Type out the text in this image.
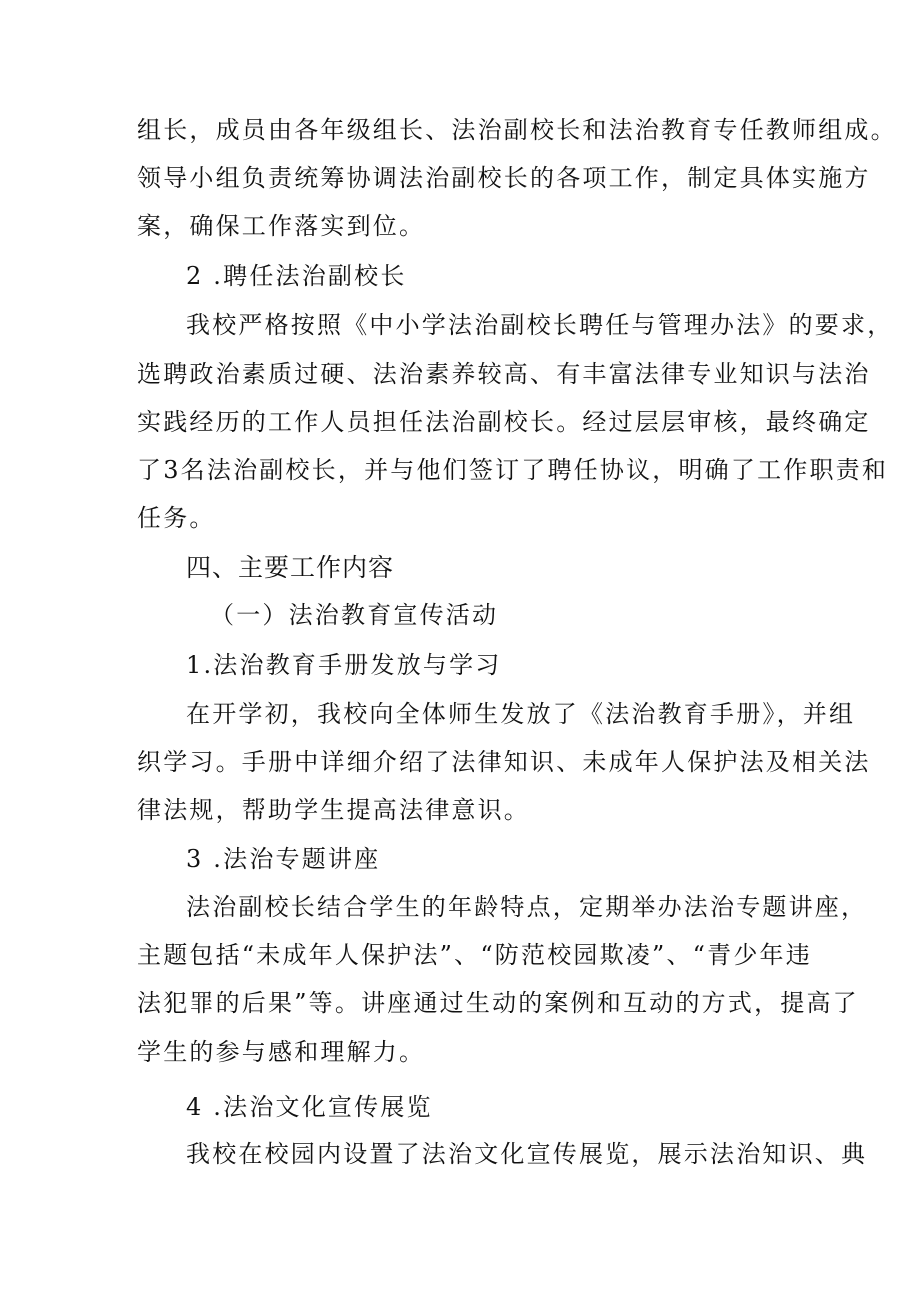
组长，成员由各年级组长、法治副校长和法治教育专任教师组成。
领导小组负责统筹协调法治副校长的各项工作，制定具体实施方
案，确保工作落实到位。
2 .聘任法治副校长
我校严格按照《中小学法治副校长聘任与管理办法》的要求，
选聘政治素质过硬、法治素养较高、有丰富法律专业知识与法治
实践经历的工作人员担任法治副校长。经过层层审核，最终确定
了3名法治副校长，并与他们签订了聘任协议，明确了工作职责和
任务。
四、主要工作内容
（一）法治教育宣传活动
1.法治教育手册发放与学习
在开学初，我校向全体师生发放了《法治教育手册》，并组
织学习。手册中详细介绍了法律知识、未成年人保护法及相关法
律法规，帮助学生提高法律意识。
3 .法治专题讲座
法治副校长结合学生的年龄特点，定期举办法治专题讲座，
主题包括“未成年人保护法”、“防范校园欺凌”、“青少年违
法犯罪的后果”等。讲座通过生动的案例和互动的方式，提高了
学生的参与感和理解力。
4 .法治文化宣传展览
我校在校园内设置了法治文化宣传展览，展示法治知识、典
